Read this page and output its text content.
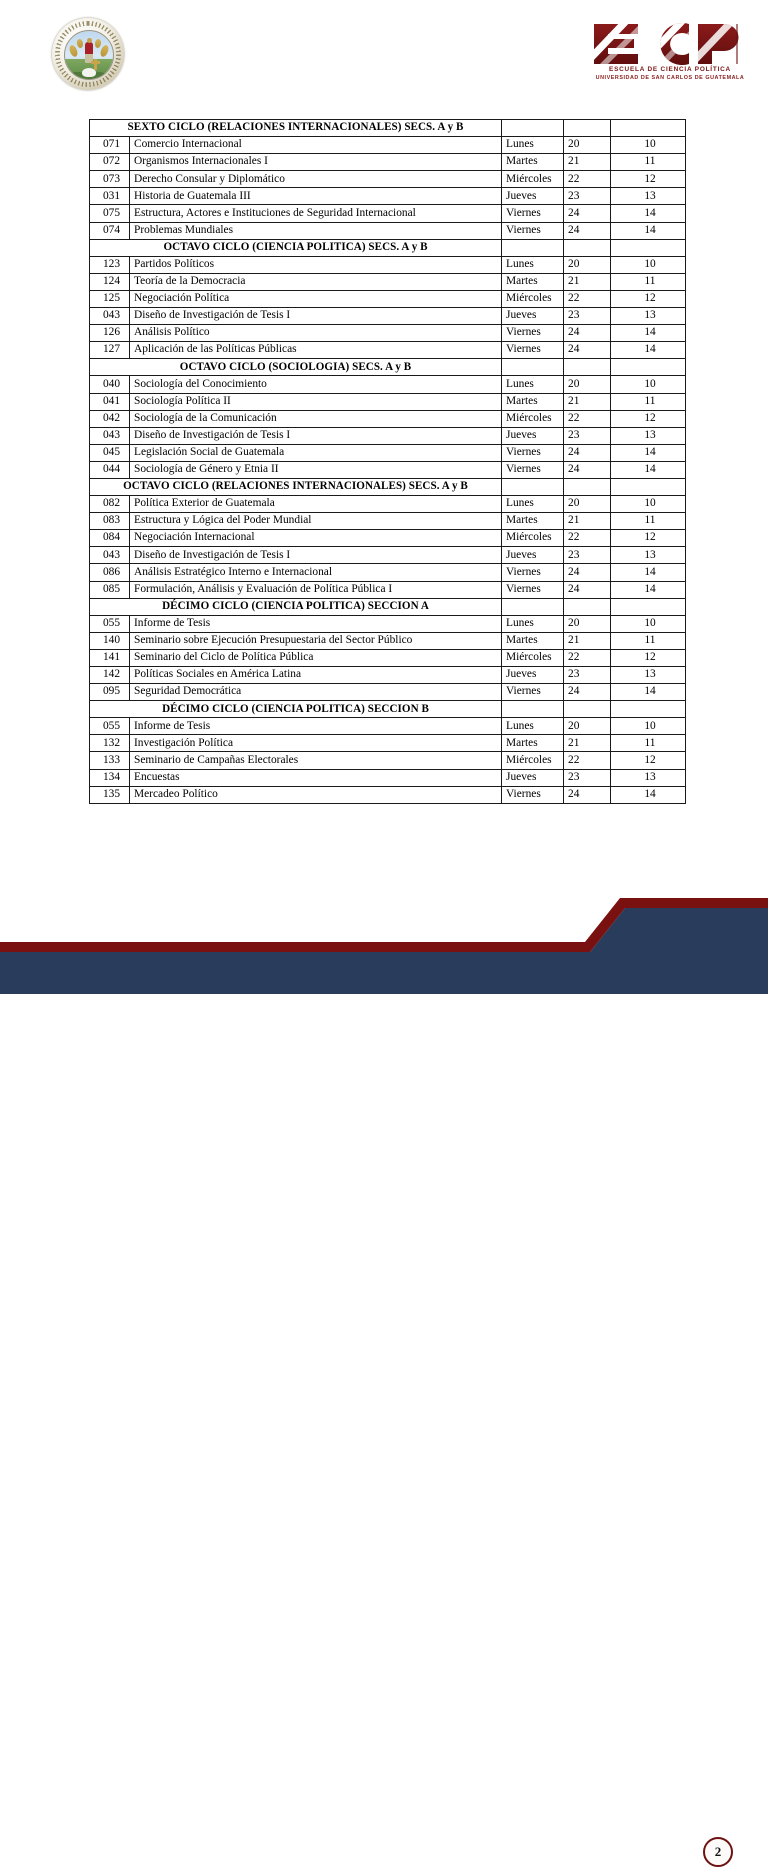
ESCUELA DE CIENCIA POLÍTICA
UNIVERSIDAD DE SAN CARLOS DE GUATEMALA
SEXTO CICLO (RELACIONES INTERNACIONALES) SECS. A y B				
071	Comercio Internacional	Lunes	20	10
072	Organismos Internacionales I	Martes	21	11
073	Derecho Consular y Diplomático	Miércoles	22	12
031	Historia de Guatemala III	Jueves	23	13
075	Estructura, Actores e Instituciones de Seguridad Internacional	Viernes	24	14
074	Problemas Mundiales	Viernes	24	14
OCTAVO CICLO (CIENCIA POLITICA) SECS. A y B				
123	Partidos Políticos	Lunes	20	10
124	Teoría de la Democracia	Martes	21	11
125	Negociación Política	Miércoles	22	12
043	Diseño de Investigación de Tesis I	Jueves	23	13
126	Análisis Político	Viernes	24	14
127	Aplicación de las Políticas Públicas	Viernes	24	14
OCTAVO CICLO (SOCIOLOGIA) SECS. A y B				
040	Sociología del Conocimiento	Lunes	20	10
041	Sociología Política II	Martes	21	11
042	Sociología de la Comunicación	Miércoles	22	12
043	Diseño de Investigación de Tesis I	Jueves	23	13
045	Legislación Social de Guatemala	Viernes	24	14
044	Sociología de Género y Etnia II	Viernes	24	14
OCTAVO CICLO (RELACIONES INTERNACIONALES) SECS. A y B				
082	Política Exterior de Guatemala	Lunes	20	10
083	Estructura y Lógica del Poder Mundial	Martes	21	11
084	Negociación Internacional	Miércoles	22	12
043	Diseño de Investigación de Tesis I	Jueves	23	13
086	Análisis Estratégico Interno e Internacional	Viernes	24	14
085	Formulación, Análisis y Evaluación de Política Pública I	Viernes	24	14
DÉCIMO CICLO (CIENCIA POLITICA) SECCION A				
055	Informe de Tesis	Lunes	20	10
140	Seminario sobre Ejecución Presupuestaria del Sector Público	Martes	21	11
141	Seminario del Ciclo de Política Pública	Miércoles	22	12
142	Políticas Sociales en América Latina	Jueves	23	13
095	Seguridad Democrática	Viernes	24	14
DÉCIMO CICLO (CIENCIA POLITICA) SECCION B				
055	Informe de Tesis	Lunes	20	10
132	Investigación Política	Martes	21	11
133	Seminario de Campañas Electorales	Miércoles	22	12
134	Encuestas	Jueves	23	13
135	Mercadeo Político	Viernes	24	14
2
